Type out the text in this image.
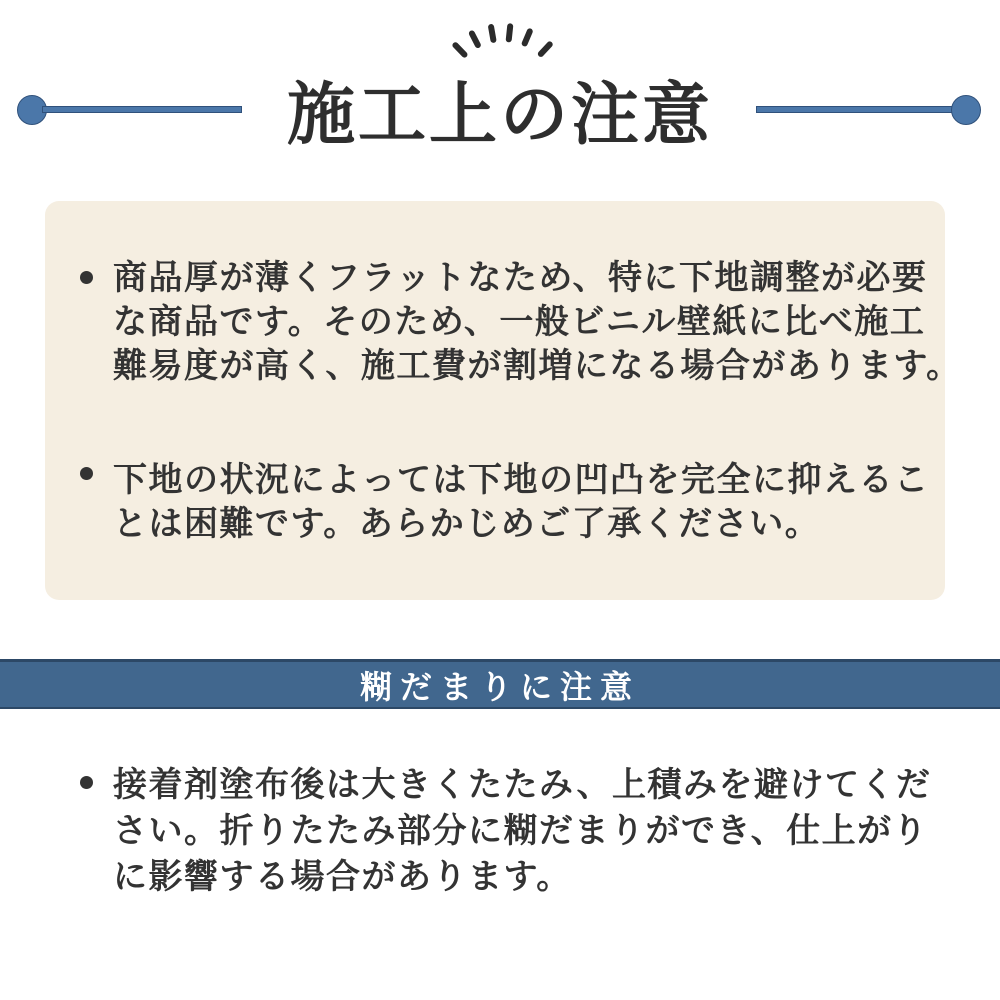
施工上の注意
商品厚が薄くフラットなため、特に下地調整が必要
な商品です。そのため、一般ビニル壁紙に比べ施工
難易度が高く、施工費が割増になる場合があります。
下地の状況によっては下地の凹凸を完全に抑えるこ
とは困難です。あらかじめご了承ください。
糊だまりに注意
接着剤塗布後は大きくたたみ、上積みを避けてくだ
さい。折りたたみ部分に糊だまりができ、仕上がり
に影響する場合があります。
